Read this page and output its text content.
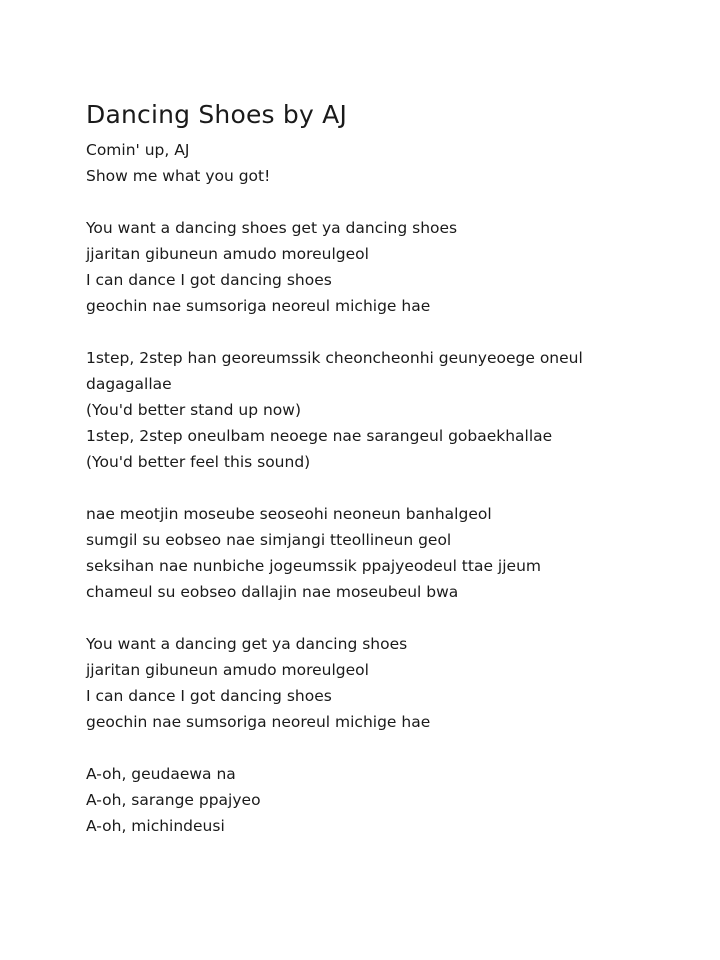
Dancing Shoes by AJ
Comin' up, AJ
Show me what you got!
You want a dancing shoes get ya dancing shoes
jjaritan gibuneun amudo moreulgeol
I can dance I got dancing shoes
geochin nae sumsoriga neoreul michige hae
1step, 2step han georeumssik cheoncheonhi geunyeoege oneul
dagagallae
(You'd better stand up now)
1step, 2step oneulbam neoege nae sarangeul gobaekhallae
(You'd better feel this sound)
nae meotjin moseube seoseohi neoneun banhalgeol
sumgil su eobseo nae simjangi tteollineun geol
seksihan nae nunbiche jogeumssik ppajyeodeul ttae jjeum
chameul su eobseo dallajin nae moseubeul bwa
You want a dancing get ya dancing shoes
jjaritan gibuneun amudo moreulgeol
I can dance I got dancing shoes
geochin nae sumsoriga neoreul michige hae
A-oh, geudaewa na
A-oh, sarange ppajyeo
A-oh, michindeusi
